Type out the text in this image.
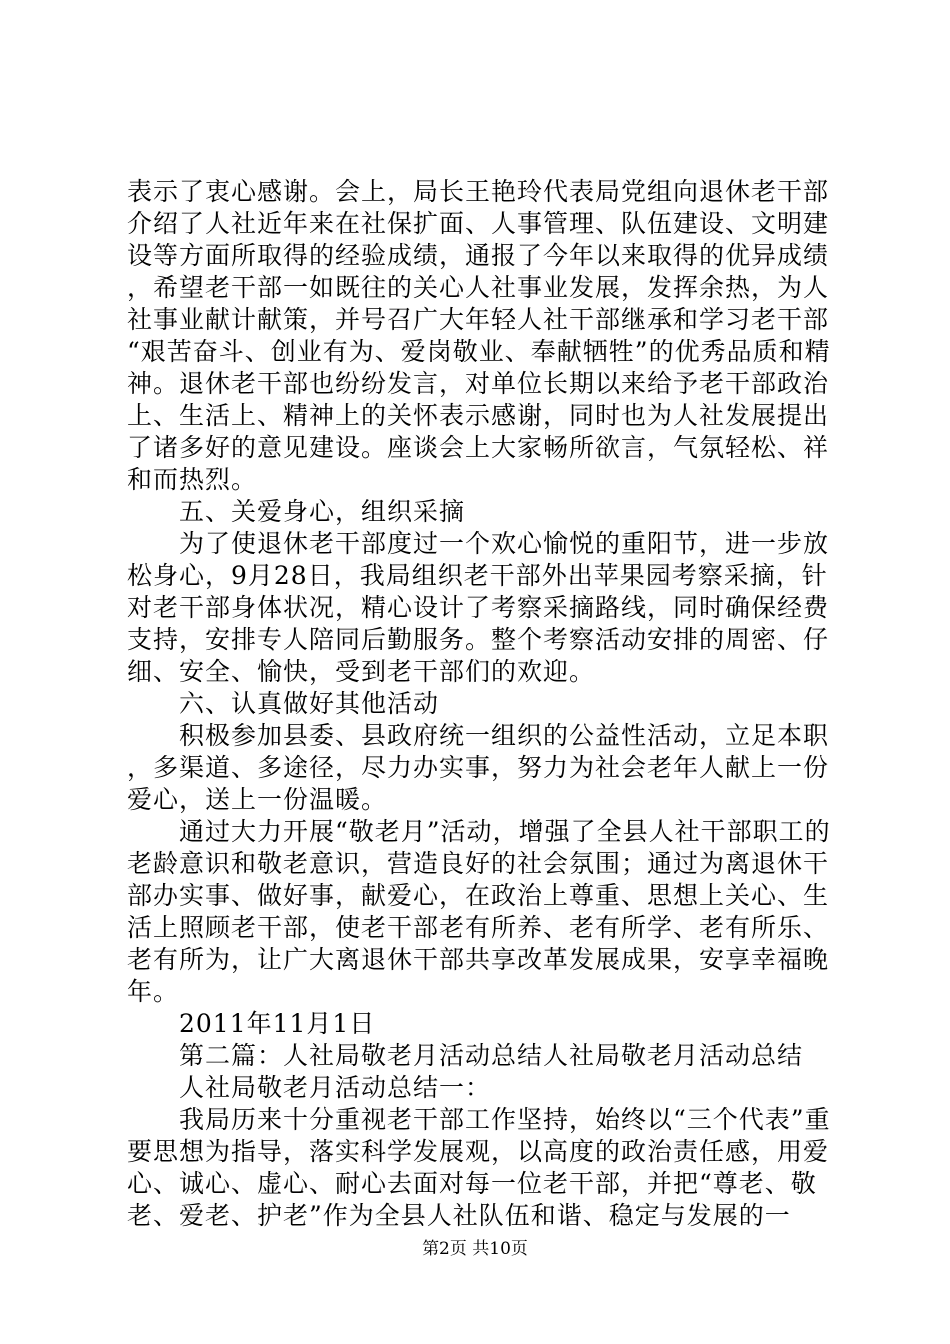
表示了衷心感谢。会上，局长王艳玲代表局党组向退休老干部介绍了人社近年来在社保扩面、人事管理、队伍建设、文明建设等方面所取得的经验成绩，通报了今年以来取得的优异成绩，希望老干部一如既往的关心人社事业发展，发挥余热，为人社事业献计献策，并号召广大年轻人社干部继承和学习老干部“艰苦奋斗、创业有为、爱岗敬业、奉献牺牲”的优秀品质和精神。退休老干部也纷纷发言，对单位长期以来给予老干部政治上、生活上、精神上的关怀表示感谢，同时也为人社发展提出了诸多好的意见建设。座谈会上大家畅所欲言，气氛轻松、祥和而热烈。

五、关爱身心，组织采摘

为了使退休老干部度过一个欢心愉悦的重阳节，进一步放松身心，9月28日，我局组织老干部外出苹果园考察采摘，针对老干部身体状况，精心设计了考察采摘路线，同时确保经费支持，安排专人陪同后勤服务。整个考察活动安排的周密、仔细、安全、愉快，受到老干部们的欢迎。

六、认真做好其他活动

积极参加县委、县政府统一组织的公益性活动，立足本职，多渠道、多途径，尽力办实事，努力为社会老年人献上一份爱心，送上一份温暖。

通过大力开展“敬老月”活动，增强了全县人社干部职工的老龄意识和敬老意识，营造良好的社会氛围；通过为离退休干部办实事、做好事，献爱心，在政治上尊重、思想上关心、生活上照顾老干部，使老干部老有所养、老有所学、老有所乐、老有所为，让广大离退休干部共享改革发展成果，安享幸福晚年。

2011年11月1日

第二篇：人社局敬老月活动总结人社局敬老月活动总结

人社局敬老月活动总结一：

我局历来十分重视老干部工作坚持，始终以“三个代表”重要思想为指导，落实科学发展观，以高度的政治责任感，用爱心、诚心、虚心、耐心去面对每一位老干部，并把“尊老、敬老、爱老、护老”作为全县人社队伍和谐、稳定与发展的一

第2页 共10页
